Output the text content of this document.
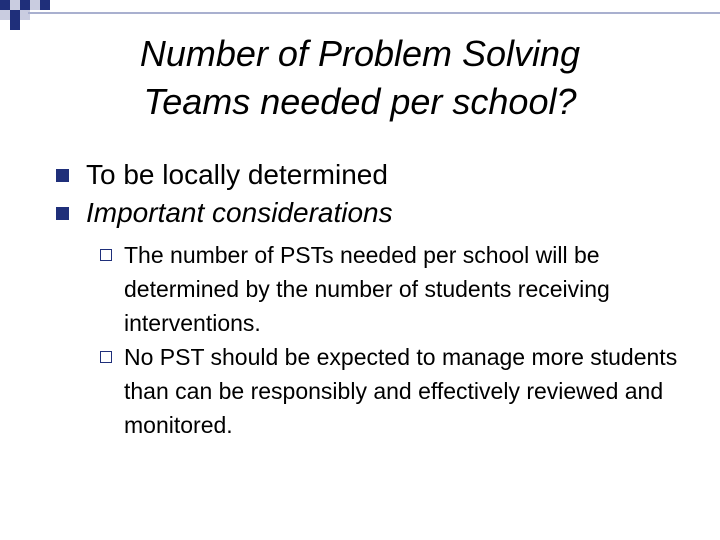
Number of Problem Solving
Teams needed per school?

To be locally determined

Important considerations

The number of PSTs needed per school will be determined by the number of students receiving interventions.

No PST should be expected to manage more students than can be responsibly and effectively reviewed and monitored.
